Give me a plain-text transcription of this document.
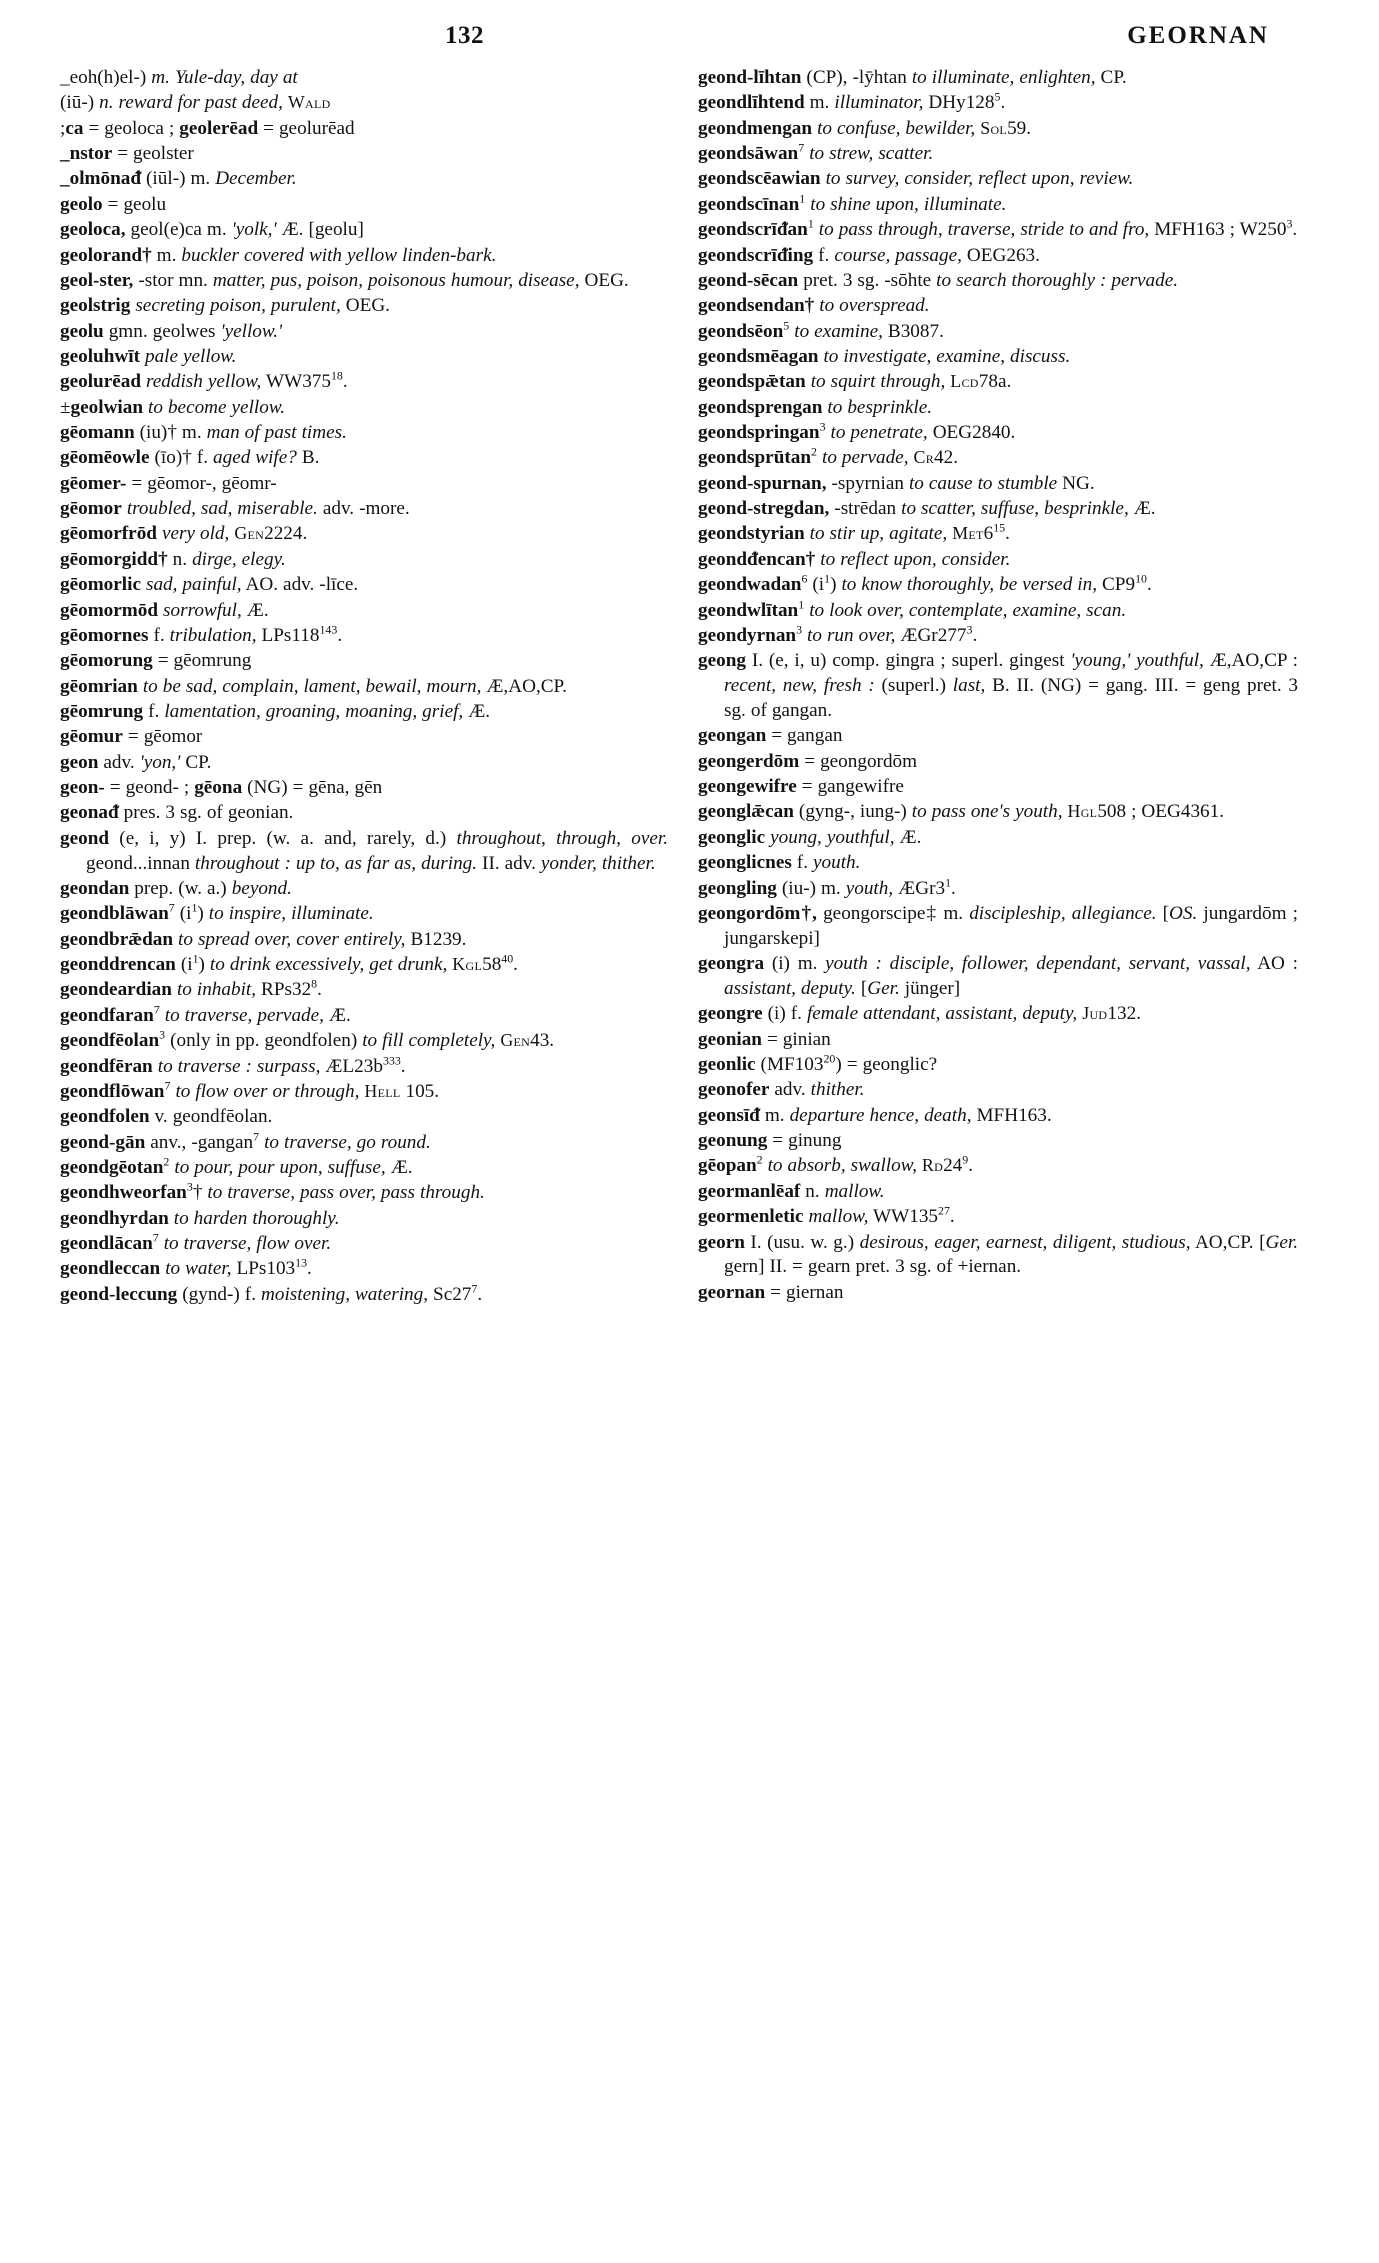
132	GEORNAN

_eoh(h)el-) m. Yule-day, day at

(iū-) n. reward for past deed, Wald

;ca = geoloca ; geolerēad = geolurēad

_nstor = geolster

_olmōnaᵭ (iūl-) m. December.

geolo = geolu

geoloca, geol(e)ca m. 'yolk,' Æ. [geolu]

geolorand† m. buckler covered with yellow linden-bark.

geol-ster, -stor mn. matter, pus, poison, poisonous humour, disease, OEG.

geolstrig secreting poison, purulent, OEG.

geolu gmn. geolwes 'yellow.'

geoluhwīt pale yellow.

geolurēad reddish yellow, $WW375^{18}$.

±geolwian to become yellow.

gēomann (iu)† m. man of past times.

gēomēowle (īo)† f. aged wife? B.

gēomer- = gēomor-, gēomr-

gēomor troubled, sad, miserable. adv. -more.

gēomorfrōd very old, Gen2224.

gēomorgidd† n. dirge, elegy.

gēomorlic sad, painful, AO. adv. -līce.

gēomormōd sorrowful, Æ.

gēomornes f. tribulation, $LPs118^{143}$.

gēomorung = gēomrung

gēomrian to be sad, complain, lament, bewail, mourn, Æ,AO,CP.

gēomrung f. lamentation, groaning, moaning, grief, Æ.

gēomur = gēomor

geon adv. 'yon,' CP.

geon- = geond- ; gēona (NG) = gēna, gēn

geonaᵭ pres. 3 sg. of geonian.

geond (e, i, y) I. prep. (w. a. and, rarely, d.) throughout, through, over. geond...innan throughout : up to, as far as, during. II. adv. yonder, thither.

geondan prep. (w. a.) beyond.

geondblāwan$^7$ $(i^1)$ to inspire, illuminate.

geondbrǣdan to spread over, cover entirely, B1239.

geonddrencan $(i^1)$ to drink excessively, get drunk, $Kgl58^{40}$.

geondeardian to inhabit, $RPs32^8$.

geondfaran$^7$ to traverse, pervade, Æ.

geondfēolan$^3$ (only in pp. geondfolen) to fill completely, Gen43.

geondfēran to traverse : surpass, $ÆL23b^{333}$.

geondflōwan$^7$ to flow over or through, Hell 105.

geondfolen v. geondfēolan.

geond-gān anv., -gangan$^7$ to traverse, go round.

geondgēotan$^2$ to pour, pour upon, suffuse, Æ.

geondhweorfan$^3$† to traverse, pass over, pass through.

geondhyrdan to harden thoroughly.

geondlācan$^7$ to traverse, flow over.

geondleccan to water, $LPs103^{13}$.

geond-leccung (gynd-) f. moistening, watering, $Sc27^7$.

geond-līhtan (CP), -lȳhtan to illuminate, enlighten, CP.

geondlīhtend m. illuminator, $DHy128^5$.

geondmengan to confuse, bewilder, Sol59.

geondsāwan$^7$ to strew, scatter.

geondscēawian to survey, consider, reflect upon, review.

geondscīnan$^1$ to shine upon, illuminate.

geondscrīᵭan$^1$ to pass through, traverse, stride to and fro, MFH163 ; $W250^3$.

geondscrīᵭing f. course, passage, OEG263.

geond-sēcan pret. 3 sg. -sōhte to search thoroughly : pervade.

geondsendan† to overspread.

geondsēon$^5$ to examine, B3087.

geondsmēagan to investigate, examine, discuss.

geondspǣtan to squirt through, Lcd78a.

geondsprengan to besprinkle.

geondspringan$^3$ to penetrate, OEG2840.

geondsprūtan$^2$ to pervade, Cr42.

geond-spurnan, -spyrnian to cause to stumble NG.

geond-stregdan, -strēdan to scatter, suffuse, besprinkle, Æ.

geondstyrian to stir up, agitate, $Met6^{15}$.

geondᵭencan† to reflect upon, consider.

geondwadan$^6$ $(i^1)$ to know thoroughly, be versed in, $CP9^{10}$.

geondwlītan$^1$ to look over, contemplate, examine, scan.

geondyrnan$^3$ to run over, $ÆGr277^3$.

geong I. (e, i, u) comp. gingra ; superl. gingest 'young,' youthful, Æ,AO,CP : recent, new, fresh : (superl.) last, B. II. (NG) = gang. III. = geng pret. 3 sg. of gangan.

geongan = gangan

geongerdōm = geongordōm

geongewifre = gangewifre

geonglǣcan (gyng-, iung-) to pass one's youth, Hgl508 ; OEG4361.

geonglic young, youthful, Æ.

geonglicnes f. youth.

geongling (iu-) m. youth, $ÆGr3^1$.

geongordōm†, geongorscipe‡ m. discipleship, allegiance. [OS. jungardōm ; jungarskepi]

geongra (i) m. youth : disciple, follower, dependant, servant, vassal, AO : assistant, deputy. [Ger. jünger]

geongre (i) f. female attendant, assistant, deputy, Jud132.

geonian = ginian

geonlic $(MF103^{20})$ = geonglic?

geonofer adv. thither.

geonsīᵭ m. departure hence, death, MFH163.

geonung = ginung

gēopan$^2$ to absorb, swallow, $Rd24^9$.

geormanlēaf n. mallow.

geormenletic mallow, $WW135^{27}$.

georn I. (usu. w. g.) desirous, eager, earnest, diligent, studious, AO,CP. [Ger. gern] II. = gearn pret. 3 sg. of +iernan.

geornan = giernan
